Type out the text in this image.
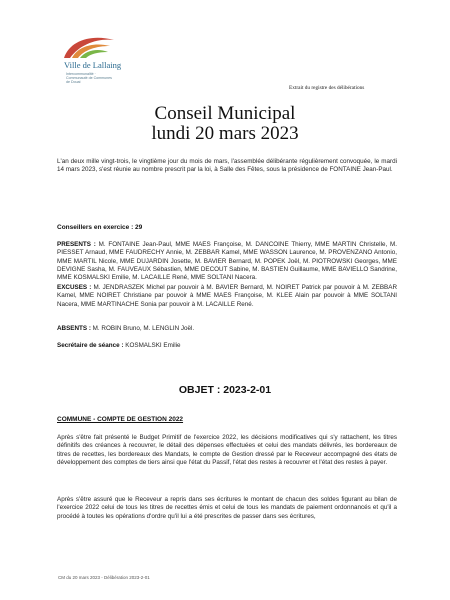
Ville de Lallaing
Intercommunalité · Communauté de Communes de Douai
Extrait du registre des délibérations
Conseil Municipal
lundi 20 mars 2023

L'an deux mille vingt-trois, le vingtième jour du mois de mars, l'assemblée délibérante régulièrement convoquée, le mardi 14 mars 2023, s'est réunie au nombre prescrit par la loi, à Salle des Fêtes, sous la présidence de FONTAINE Jean-Paul.

Conseillers en exercice : 29

PRESENTS : M. FONTAINE Jean-Paul, MME MAES Françoise, M. DANCOINE Thierry, MME MARTIN Christelle, M. PIESSET Arnaud, MME FAUDRECHY Annie, M. ZEBBAR Kamel, MME WASSON Laurence, M. PROVENZANO Antonio, MME MARTIL Nicole, MME DUJARDIN Josette, M. BAVIER Bernard, M. POPEK Joël, M. PIOTROWSKI Georges, MME DEVIGNE Sasha, M. FAUVEAUX Sébastien, MME DECOUT Sabine, M. BASTIEN Guillaume, MME BAVIELLO Sandrine, MME KOSMALSKI Emilie, M. LACAILLE René, MME SOLTANI Nacera.

EXCUSES : M. JENDRASZEK Michel par pouvoir à M. BAVIER Bernard, M. NOIRET Patrick par pouvoir à M. ZEBBAR Kamel, MME NOIRET Christiane par pouvoir à MME MAES Françoise, M. KLEE Alain par pouvoir à MME SOLTANI Nacera, MME MARTINACHE Sonia par pouvoir à M. LACAILLE René.

ABSENTS : M. ROBIN Bruno, M. LENGLIN Joël.

Secrétaire de séance : KOSMALSKI Emilie

OBJET : 2023-2-01
COMMUNE - COMPTE DE GESTION 2022

Après s'être fait présenté le Budget Primitif de l'exercice 2022, les décisions modificatives qui s'y rattachent, les titres définitifs des créances à recouvrer, le détail des dépenses effectuées et celui des mandats délivrés, les bordereaux de titres de recettes, les bordereaux des Mandats, le compte de Gestion dressé par le Receveur accompagné des états de développement des comptes de tiers ainsi que l'état du Passif, l'état des restes à recouvrer et l'état des restes à payer.

Après s'être assuré que le Receveur a repris dans ses écritures le montant de chacun des soldes figurant au bilan de l'exercice 2022 celui de tous les titres de recettes émis et celui de tous les mandats de paiement ordonnancés et qu'il a procédé à toutes les opérations d'ordre qu'il lui a été prescrites de passer dans ses écritures,

CM du 20 mars 2023 - Délibération 2023-2-01
